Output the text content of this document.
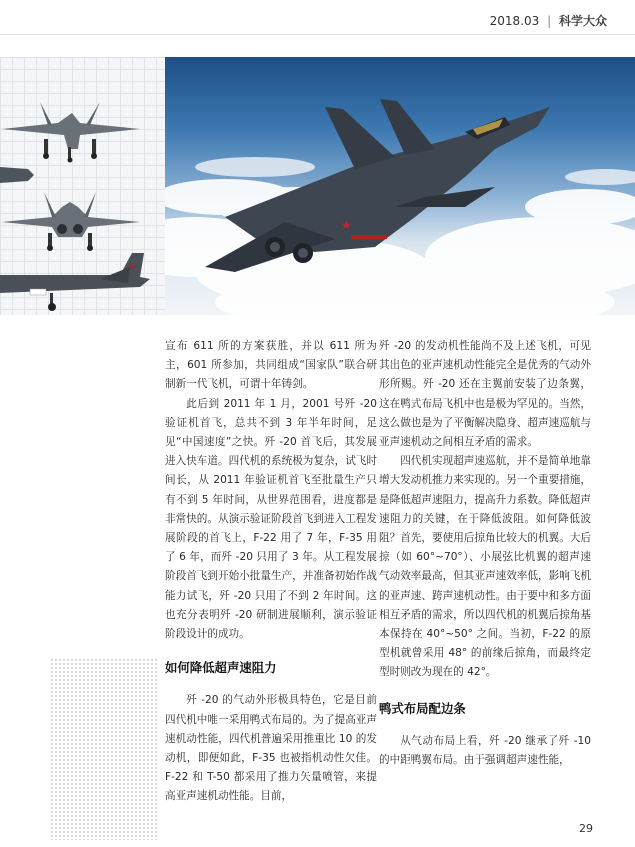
2018.03 | 科学大众
★
★

宣布 611 所的方案获胜，并以 611 所为主，601 所参加，共同组成“国家队”联合研制新一代飞机，可谓十年铸剑。

此后到 2011 年 1 月，2001 号歼 -20 验证机首飞，总共不到 3 年半年时间，足见“中国速度”之快。歼 -20 首飞后，其发展进入快车道。四代机的系统极为复杂，试飞时间长，从 2011 年验证机首飞至批量生产只有不到 5 年时间，从世界范围看，进度都是非常快的。从演示验证阶段首飞到进入工程发展阶段的首飞上，F-22 用了 7 年，F-35 用了 6 年，而歼 -20 只用了 3 年。从工程发展阶段首飞到开始小批量生产，并准备初始作战能力试飞，歼 -20 只用了不到 2 年时间。这也充分表明歼 -20 研制进展顺利，演示验证阶段设计的成功。

如何降低超声速阻力

歼 -20 的气动外形极具特色，它是目前四代机中唯一采用鸭式布局的。为了提高亚声速机动性能，四代机普遍采用推重比 10 的发动机，即便如此，F-35 也被指机动性欠佳。F-22 和 T-50 都采用了推力矢量喷管，来提高亚声速机动性能。目前，

歼 -20 的发动机性能尚不及上述飞机，可见其出色的亚声速机动性能完全是优秀的气动外形所赐。歼 -20 还在主翼前安装了边条翼，这在鸭式布局飞机中也是极为罕见的。当然，这么做也是为了平衡解决隐身、超声速巡航与亚声速机动之间相互矛盾的需求。

四代机实现超声速巡航，并不是简单地靠增大发动机推力来实现的。另一个重要措施，是降低超声速阻力，提高升力系数。降低超声速阻力的关键，在于降低波阻。如何降低波阻？首先，要使用后掠角比较大的机翼。大后掠（如 60°~70°）、小展弦比机翼的超声速气动效率最高，但其亚声速效率低，影响飞机的亚声速、跨声速机动性。由于要中和多方面相互矛盾的需求，所以四代机的机翼后掠角基本保持在 40°~50° 之间。当初，F-22 的原型机就曾采用 48° 的前缘后掠角，而最终定型时则改为现在的 42°。

鸭式布局配边条

从气动布局上看，歼 -20 继承了歼 -10 的中距鸭翼布局。由于强调超声速性能，

29
